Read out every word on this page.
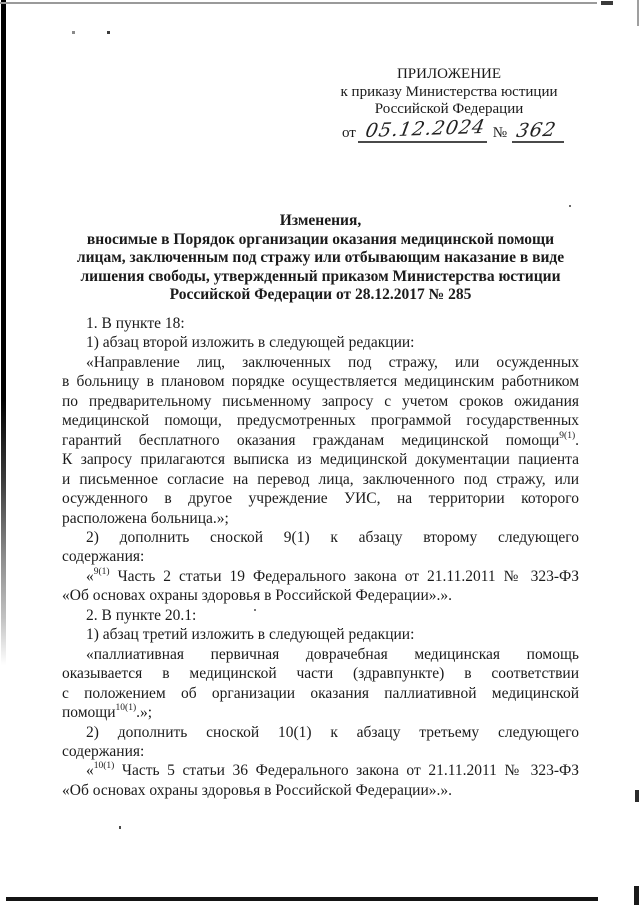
ПРИЛОЖЕНИЕ
к приказу Министерства юстиции
Российской Федерации
от 05.12.2024 № 362
Изменения,
вносимые в Порядок организации оказания медицинской помощи
лицам, заключенным под стражу или отбывающим наказание в виде
лишения свободы, утвержденный приказом Министерства юстиции
Российской Федерации от 28.12.2017 № 285
1. В пункте 18:
1) абзац второй изложить в следующей редакции:
«Направление лиц, заключенных под стражу, или осужденных
в больницу в плановом порядке осуществляется медицинским работником
по предварительному письменному запросу с учетом сроков ожидания
медицинской помощи, предусмотренных программой государственных
гарантий бесплатного оказания гражданам медицинской помощи$^{9(1)}$.
К запросу прилагаются выписка из медицинской документации пациента
и письменное согласие на перевод лица, заключенного под стражу, или
осужденного в другое учреждение УИС, на территории которого
расположена больница.»;
2) дополнить сноской 9(1) к абзацу второму следующего
содержания:
«$^{9(1)}$ Часть 2 статьи 19 Федерального закона от 21.11.2011 № 323-ФЗ
«Об основах охраны здоровья в Российской Федерации».».
2. В пункте 20.1:
1) абзац третий изложить в следующей редакции:
«паллиативная первичная доврачебная медицинская помощь
оказывается в медицинской части (здравпункте) в соответствии
с положением об организации оказания паллиативной медицинской
помощи$^{10(1)}$.»;
2) дополнить сноской 10(1) к абзацу третьему следующего
содержания:
«$^{10(1)}$ Часть 5 статьи 36 Федерального закона от 21.11.2011 № 323-ФЗ
«Об основах охраны здоровья в Российской Федерации».».
